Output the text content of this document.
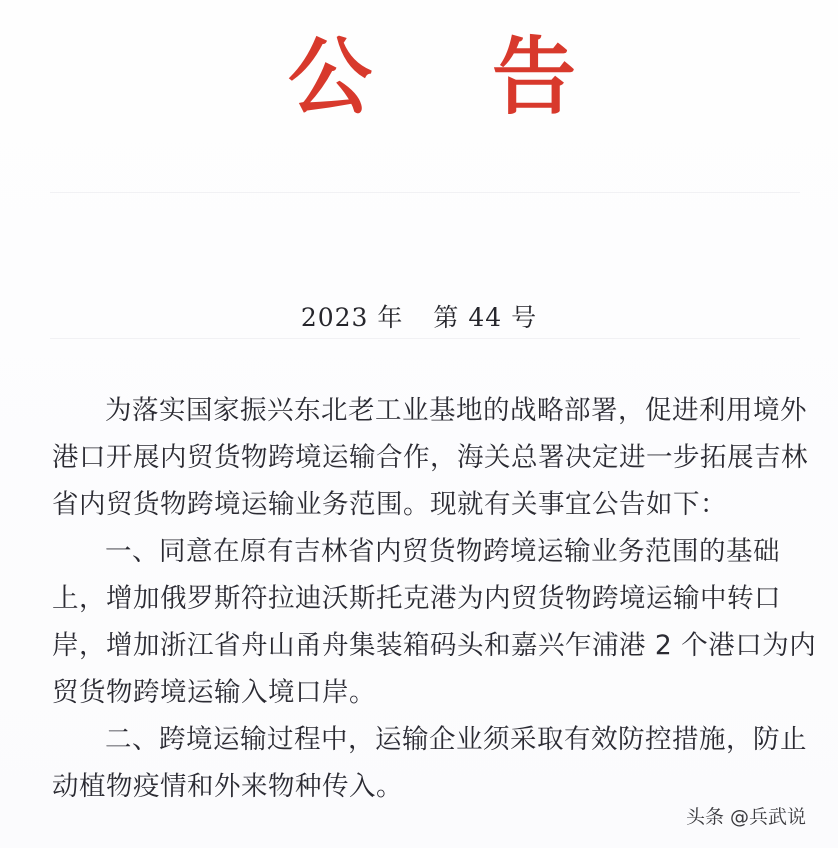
公 告
2023 年 第 44 号
为落实国家振兴东北老工业基地的战略部署，促进利用境外
港口开展内贸货物跨境运输合作，海关总署决定进一步拓展吉林
省内贸货物跨境运输业务范围。现就有关事宜公告如下：
一、同意在原有吉林省内贸货物跨境运输业务范围的基础
上，增加俄罗斯符拉迪沃斯托克港为内贸货物跨境运输中转口
岸，增加浙江省舟山甬舟集装箱码头和嘉兴乍浦港 2 个港口为内
贸货物跨境运输入境口岸。
二、跨境运输过程中，运输企业须采取有效防控措施，防止
动植物疫情和外来物种传入。
头条 @兵武说
